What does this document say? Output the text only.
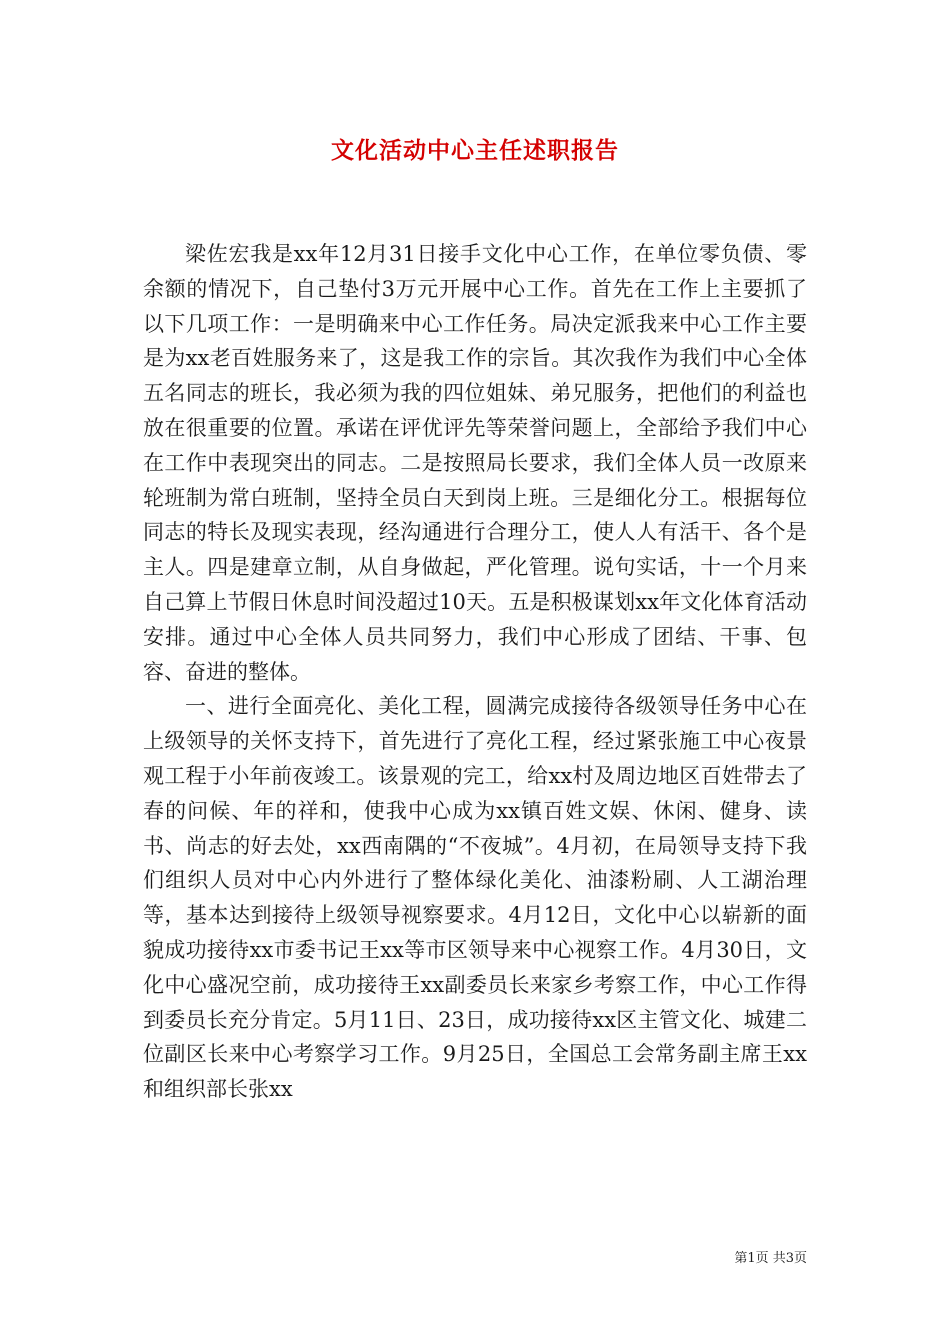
文化活动中心主任述职报告

梁佐宏我是xx年12月31日接手文化中心工作，在单位零负债、零余额的情况下，自己垫付3万元开展中心工作。首先在工作上主要抓了以下几项工作：一是明确来中心工作任务。局决定派我来中心工作主要是为xx老百姓服务来了，这是我工作的宗旨。其次我作为我们中心全体五名同志的班长，我必须为我的四位姐妹、弟兄服务，把他们的利益也放在很重要的位置。承诺在评优评先等荣誉问题上，全部给予我们中心在工作中表现突出的同志。二是按照局长要求，我们全体人员一改原来轮班制为常白班制，坚持全员白天到岗上班。三是细化分工。根据每位同志的特长及现实表现，经沟通进行合理分工，使人人有活干、各个是主人。四是建章立制，从自身做起，严化管理。说句实话，十一个月来自己算上节假日休息时间没超过10天。五是积极谋划xx年文化体育活动安排。通过中心全体人员共同努力，我们中心形成了团结、干事、包容、奋进的整体。

一、进行全面亮化、美化工程，圆满完成接待各级领导任务中心在上级领导的关怀支持下，首先进行了亮化工程，经过紧张施工中心夜景观工程于小年前夜竣工。该景观的完工，给xx村及周边地区百姓带去了春的问候、年的祥和，使我中心成为xx镇百姓文娱、休闲、健身、读书、尚志的好去处，xx西南隅的“不夜城”。4月初，在局领导支持下我们组织人员对中心内外进行了整体绿化美化、油漆粉刷、人工湖治理等，基本达到接待上级领导视察要求。4月12日，文化中心以崭新的面貌成功接待xx市委书记王xx等市区领导来中心视察工作。4月30日，文化中心盛况空前，成功接待王xx副委员长来家乡考察工作，中心工作得到委员长充分肯定。5月11日、23日，成功接待xx区主管文化、城建二位副区长来中心考察学习工作。9月25日，全国总工会常务副主席王xx和组织部长张xx

第1页 共3页
